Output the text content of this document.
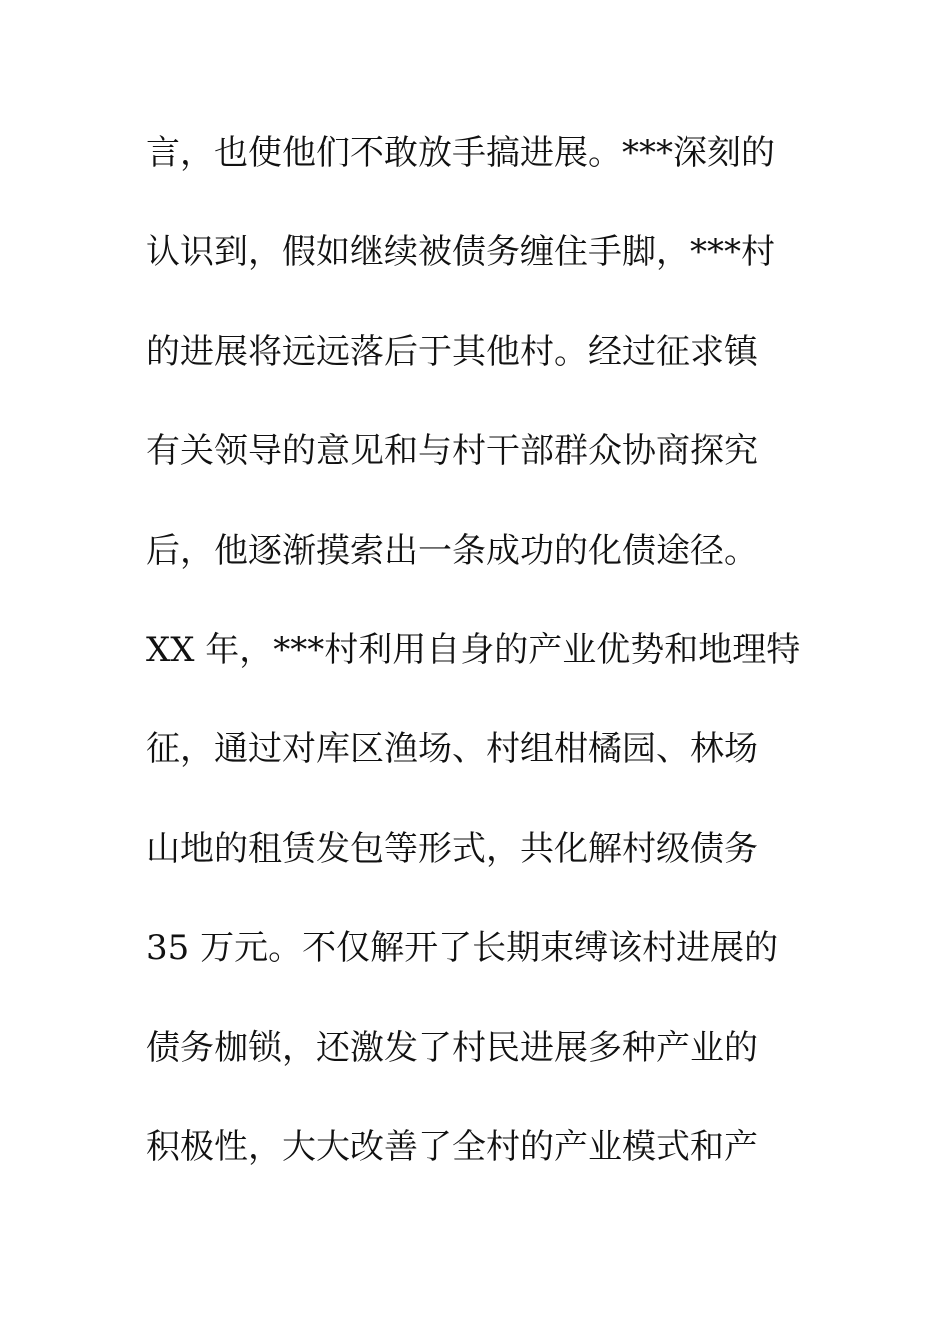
言，也使他们不敢放手搞进展。***深刻的
认识到，假如继续被债务缠住手脚，***村
的进展将远远落后于其他村。经过征求镇
有关领导的意见和与村干部群众协商探究
后，他逐渐摸索出一条成功的化债途径。
XX 年，***村利用自身的产业优势和地理特
征，通过对库区渔场、村组柑橘园、林场
山地的租赁发包等形式，共化解村级债务
35 万元。不仅解开了长期束缚该村进展的
债务枷锁，还激发了村民进展多种产业的
积极性，大大改善了全村的产业模式和产
